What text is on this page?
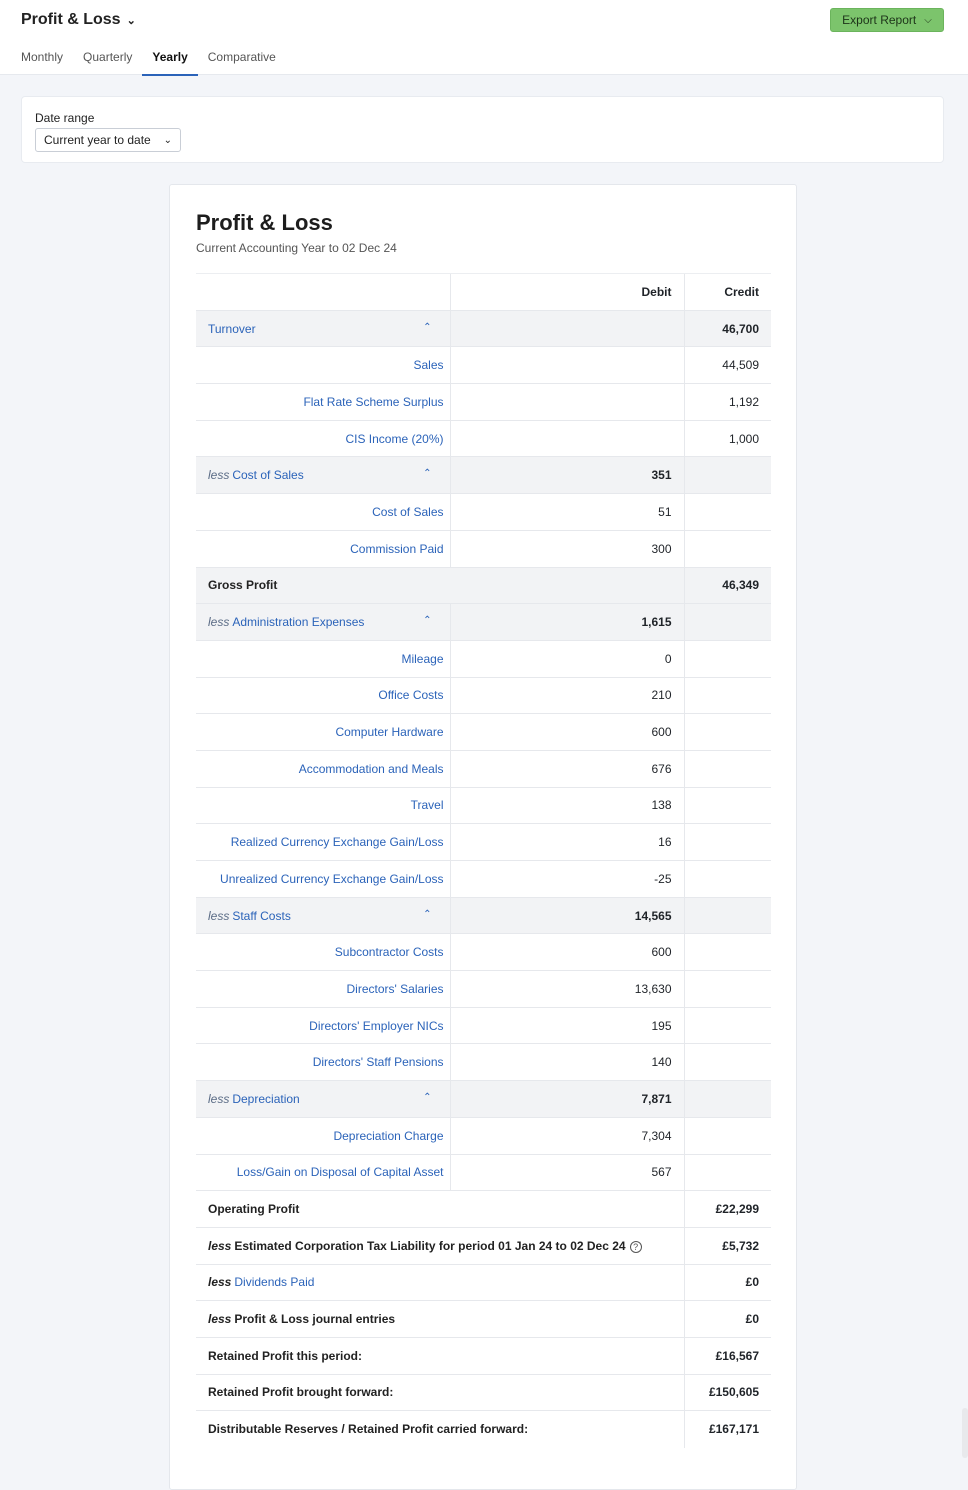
Profit & Loss ⌄	Export Report ⌵
Monthly	Quarterly	Yearly	Comparative
Date range
Current year to date ⌄
Profit & Loss
Current Accounting Year to 02 Dec 24
	Debit	Credit
Turnover ⌃		46,700
Sales		44,509
Flat Rate Scheme Surplus		1,192
CIS Income (20%)		1,000
less Cost of Sales ⌃	351	
Cost of Sales	51	
Commission Paid	300	
Gross Profit		46,349
less Administration Expenses ⌃	1,615	
Mileage	0	
Office Costs	210	
Computer Hardware	600	
Accommodation and Meals	676	
Travel	138	
Realized Currency Exchange Gain/Loss	16	
Unrealized Currency Exchange Gain/Loss	-25	
less Staff Costs ⌃	14,565	
Subcontractor Costs	600	
Directors' Salaries	13,630	
Directors' Employer NICs	195	
Directors' Staff Pensions	140	
less Depreciation ⌃	7,871	
Depreciation Charge	7,304	
Loss/Gain on Disposal of Capital Asset	567	
Operating Profit		£22,299
less Estimated Corporation Tax Liability for period 01 Jan 24 to 02 Dec 24 ?		£5,732
less Dividends Paid		£0
less Profit & Loss journal entries		£0
Retained Profit this period:		£16,567
Retained Profit brought forward:		£150,605
Distributable Reserves / Retained Profit carried forward:		£167,171
